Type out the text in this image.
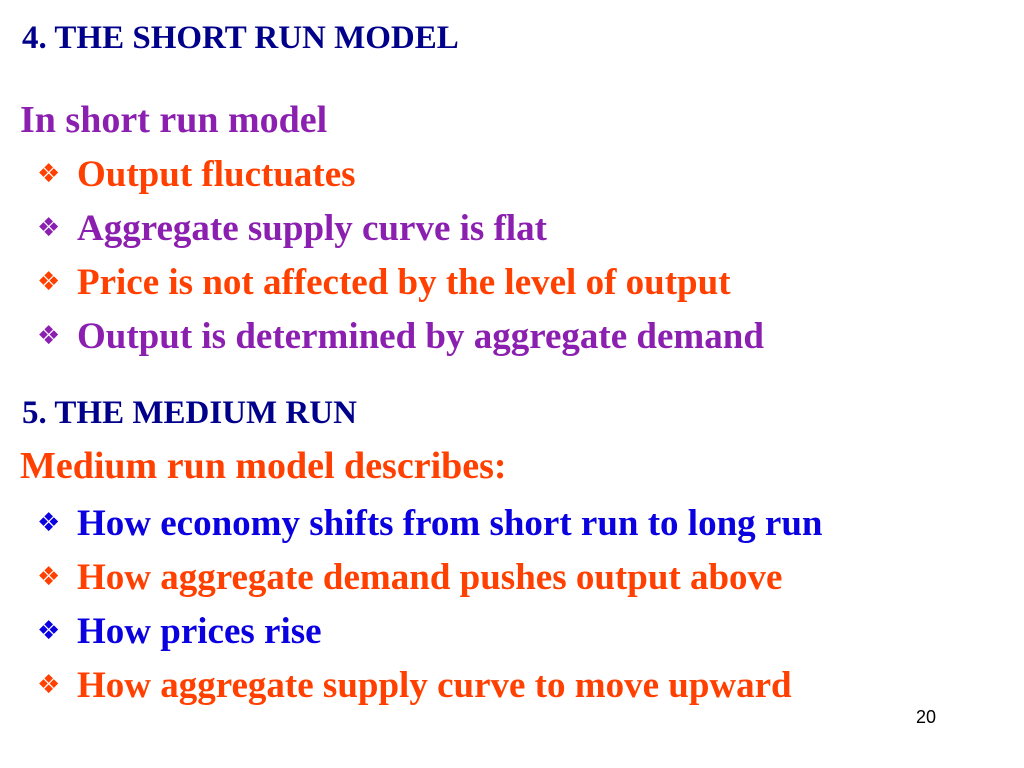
4. THE SHORT RUN MODEL
In short run model
❖ Output fluctuates
❖ Aggregate supply curve is flat
❖ Price is not affected by the level of output
❖ Output is determined by aggregate demand
5. THE MEDIUM RUN
Medium run model describes:
❖ How economy shifts from short run to long run
❖ How aggregate demand pushes output above
❖ How prices rise
❖ How aggregate supply curve to move upward
20
